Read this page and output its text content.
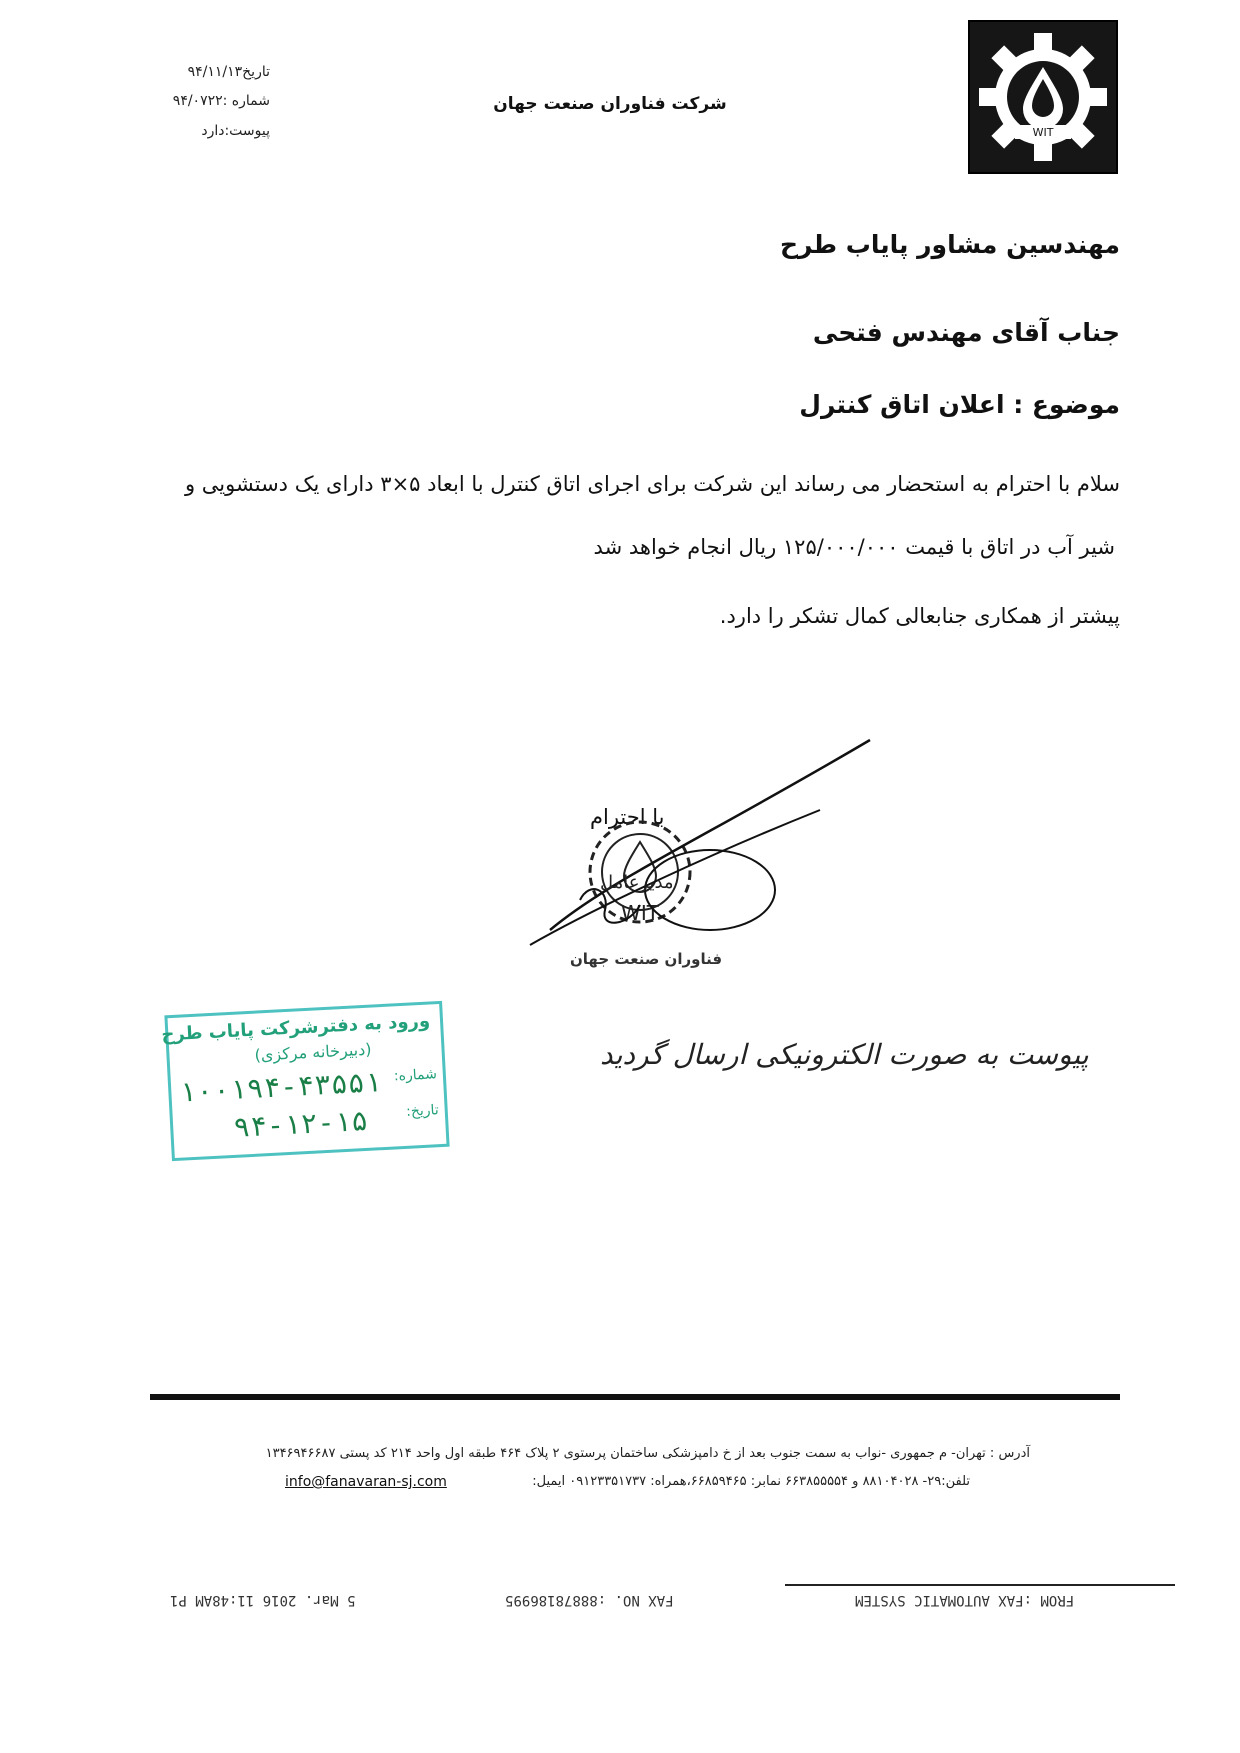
تاریخ۹۴/۱۱/۱۳
شماره :۹۴/۰۷۲۲
پیوست:دارد
شرکت فناوران صنعت جهان
WIT
مهندسین مشاور پایاب طرح
جناب آقای مهندس فتحی
موضوع : اعلان اتاق کنترل
سلام با احترام به استحضار می رساند این شرکت برای اجرای اتاق کنترل با ابعاد ۵×۳ دارای یک دستشویی و
شیر آب در اتاق با قیمت ۱۲۵/۰۰۰/۰۰۰ ریال انجام خواهد شد
پیشتر از همکاری جنابعالی کمال تشکر را دارد.
با احترام
WIT
مدیرعامل
فناوران صنعت جهان
ورود به دفترشرکت پایاب طرح
(دبیرخانه مرکزی)
شماره:
۱۰۰۱۹۴-۴۳۵۵۱
تاریخ:
۹۴-۱۲-۱۵
پیوست به صورت الکترونیکی ارسال گردید
آدرس : تهران- م جمهوری -نواب به سمت جنوب بعد از خ دامپزشکی ساختمان پرستوی ۲ پلاک ۴۶۴ طبقه اول واحد ۲۱۴ کد پستی ۱۳۴۶۹۴۶۶۸۷
تلفن:۲۹- ۸۸۱۰۴۰۲۸ و ۶۶۳۸۵۵۵۵۴ نمابر: ۶۶۸۵۹۴۶۵،همراه: ۰۹۱۲۳۳۵۱۷۳۷ ایمیل:
info@fanavaran-sj.com
5 Mar. 2016 11:48AM P1	FAX NO. :88878186995	FROM :FAX AUTOMATIC SYSTEM
